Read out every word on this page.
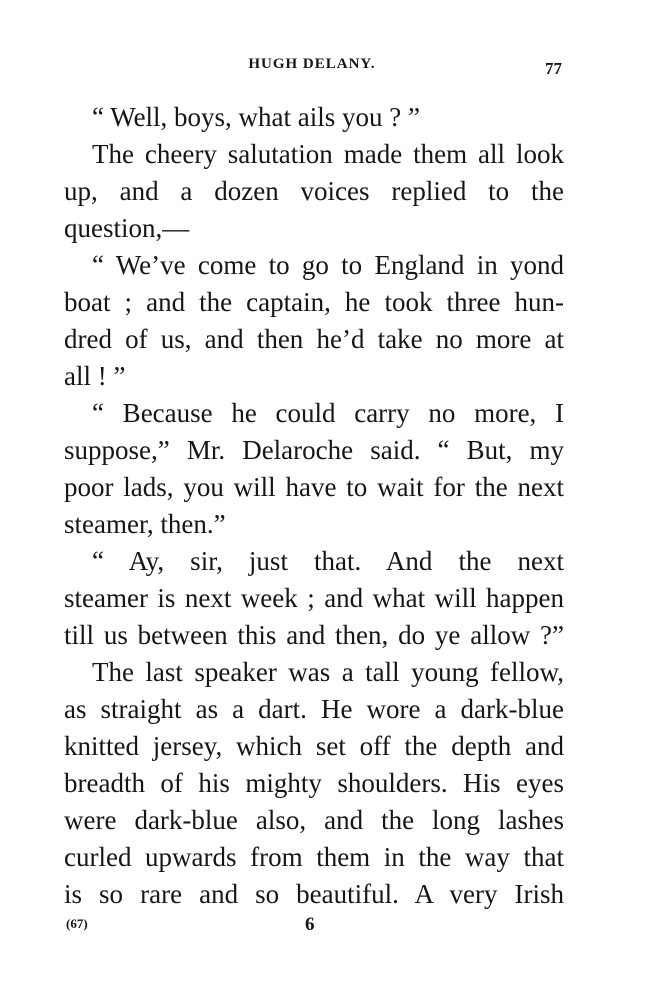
HUGH DELANY.	77
“ Well, boys, what ails you ? ”
The cheery salutation made them all look
up, and a dozen voices replied to the
question,—
“ We’ve come to go to England in yond
boat ; and the captain, he took three hun-
dred of us, and then he’d take no more at
all ! ”
“ Because he could carry no more, I
suppose,” Mr. Delaroche said. “ But, my
poor lads, you will have to wait for the next
steamer, then.”
“ Ay, sir, just that. And the next
steamer is next week ; and what will happen
till us between this and then, do ye allow ?”
The last speaker was a tall young fellow,
as straight as a dart. He wore a dark-blue
knitted jersey, which set off the depth and
breadth of his mighty shoulders. His eyes
were dark-blue also, and the long lashes
curled upwards from them in the way that
is so rare and so beautiful. A very Irish
(67)	6
